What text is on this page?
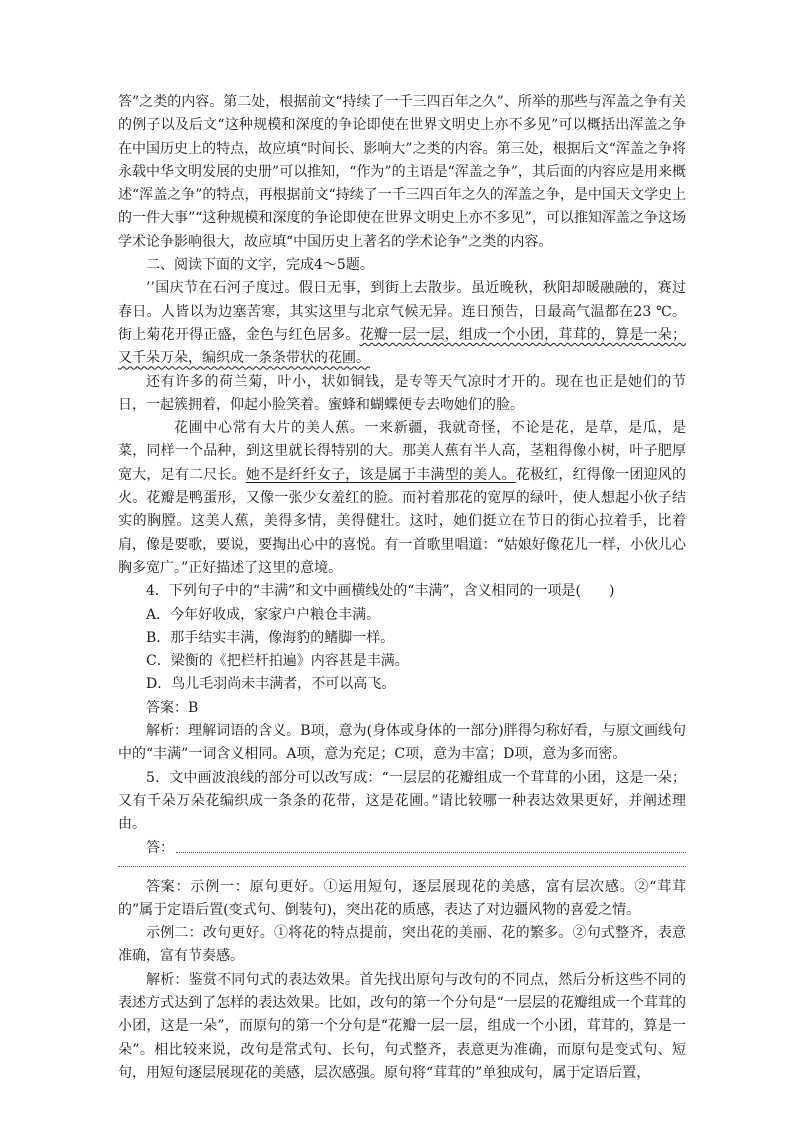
答”之类的内容。第二处，根据前文“持续了一千三四百年之久”、所举的那些与浑盖之争有关的例子以及后文“这种规模和深度的争论即使在世界文明史上亦不多见”可以概括出浑盖之争在中国历史上的特点，故应填“时间长、影响大”之类的内容。第三处，根据后文“浑盖之争将永载中华文明发展的史册”可以推知，“作为”的主语是“浑盖之争”，其后面的内容应是用来概述“浑盖之争”的特点，再根据前文“持续了一千三四百年之久的浑盖之争，是中国天文学史上的一件大事”“这种规模和深度的争论即使在世界文明史上亦不多见”，可以推知浑盖之争这场学术论争影响很大，故应填“中国历史上著名的学术论争”之类的内容。

二、阅读下面的文字，完成4～5题。

’’国庆节在石河子度过。假日无事，到街上去散步。虽近晚秋，秋阳却暖融融的，赛过春日。人皆以为边塞苦寒，其实这里与北京气候无异。连日预告，日最高气温都在23 ℃。街上菊花开得正盛，金色与红色居多。花瓣一层一层，组成一个小团，茸茸的，算是一朵；又千朵万朵，编织成一条条带状的花圃。

还有许多的荷兰菊，叶小，状如铜钱，是专等天气凉时才开的。现在也正是她们的节日，一起簇拥着，仰起小脸笑着。蜜蜂和蝴蝶便专去吻她们的脸。

花圃中心常有大片的美人蕉。一来新疆，我就奇怪，不论是花，是草，是瓜，是菜，同样一个品种，到这里就长得特别的大。那美人蕉有半人高，茎粗得像小树，叶子肥厚宽大，足有二尺长。她不是纤纤女子，该是属于丰满型的美人。花极红，红得像一团迎风的火。花瓣是鸭蛋形，又像一张少女羞红的脸。而衬着那花的宽厚的绿叶，使人想起小伙子结实的胸膛。这美人蕉，美得多情，美得健壮。这时，她们挺立在节日的街心拉着手，比着肩，像是要歌，要说，要掏出心中的喜悦。有一首歌里唱道：“姑娘好像花儿一样，小伙儿心胸多宽广。”正好描述了这里的意境。

4．下列句子中的“丰满”和文中画横线处的“丰满”，含义相同的一项是(　　)

A．今年好收成，家家户户粮仓丰满。

B．那手结实丰满，像海豹的鳍脚一样。

C．梁衡的《把栏杆拍遍》内容甚是丰满。

D．鸟儿毛羽尚未丰满者，不可以高飞。

答案：B

解析：理解词语的含义。B项，意为(身体或身体的一部分)胖得匀称好看，与原文画线句中的“丰满”一词含义相同。A项，意为充足；C项，意为丰富；D项，意为多而密。

5．文中画波浪线的部分可以改写成：“一层层的花瓣组成一个茸茸的小团，这是一朵；又有千朵万朵花编织成一条条的花带，这是花圃。”请比较哪一种表达效果更好，并阐述理由。

答：

答案：示例一：原句更好。①运用短句，逐层展现花的美感，富有层次感。②“茸茸的”属于定语后置(变式句、倒装句)，突出花的质感，表达了对边疆风物的喜爱之情。

示例二：改句更好。①将花的特点提前，突出花的美丽、花的繁多。②句式整齐，表意准确，富有节奏感。

解析：鉴赏不同句式的表达效果。首先找出原句与改句的不同点，然后分析这些不同的表述方式达到了怎样的表达效果。比如，改句的第一个分句是“一层层的花瓣组成一个茸茸的小团，这是一朵”，而原句的第一个分句是“花瓣一层一层，组成一个小团，茸茸的，算是一朵”。相比较来说，改句是常式句、长句，句式整齐，表意更为准确，而原句是变式句、短句，用短句逐层展现花的美感，层次感强。原句将“茸茸的”单独成句，属于定语后置，
